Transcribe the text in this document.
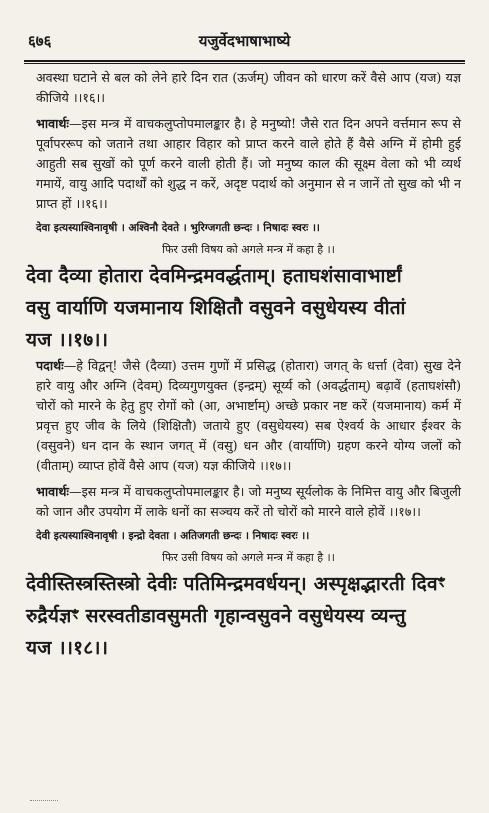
६७६	यजुर्वेदभाषाभाष्ये

अवस्था घटाने से बल को लेने हारे दिन रात (ऊर्जम्) जीवन को धारण करें वैसे आप (यज) यज्ञ कीजिये ।।१६।।

भावार्थः—इस मन्त्र में वाचकलुप्तोपमालङ्कार है। हे मनुष्यो! जैसे रात दिन अपने वर्त्तमान रूप से पूर्वापररूप को जताने तथा आहार विहार को प्राप्त करने वाले होते हैं वैसे अग्नि में होमी हुई आहुती सब सुखों को पूर्ण करने वाली होती हैं। जो मनुष्य काल की सूक्ष्म वेला को भी व्यर्थ गमायें, वायु आदि पदार्थों को शुद्ध न करें, अदृष्ट पदार्थ को अनुमान से न जानें तो सुख को भी न प्राप्त हों ।।१६।।

देवा इत्यस्याश्विनावृषी । अश्विनौ देवते । भुरिग्जगती छन्दः । निषादः स्वरः ।।

फिर उसी विषय को अगले मन्त्र में कहा है ।।

देवा दैव्या होतारा देवमिन्द्रमवर्द्धताम्। हताघशंसावाभार्ष्टां
वसु वार्याणि यजमानाय शिक्षितौ वसुवने वसुधेयस्य वीतां
यज ।।१७।।

पदार्थः—हे विद्वन्! जैसे (दैव्या) उत्तम गुणों में प्रसिद्ध (होतारा) जगत् के धर्त्ता (देवा) सुख देने हारे वायु और अग्नि (देवम्) दिव्यगुणयुक्त (इन्द्रम्) सूर्य्य को (अवर्द्धताम्) बढ़ावें (हताघशंसौ) चोरों को मारने के हेतु हुए रोगों को (आ, अभार्ष्टाम्) अच्छे प्रकार नष्ट करें (यजमानाय) कर्म में प्रवृत्त हुए जीव के लिये (शिक्षितौ) जताये हुए (वसुधेयस्य) सब ऐश्वर्य के आधार ईश्वर के (वसुवने) धन दान के स्थान जगत् में (वसु) धन और (वार्याणि) ग्रहण करने योग्य जलों को (वीताम्) व्याप्त होवें वैसे आप (यज) यज्ञ कीजिये ।।१७।।

भावार्थः—इस मन्त्र में वाचकलुप्तोपमालङ्कार है। जो मनुष्य सूर्यलोक के निमित्त वायु और बिजुली को जान और उपयोग में लाके धनों का सञ्चय करें तो चोरों को मारने वाले होवें ।।१७।।

देवी इत्यस्याश्विनावृषी । इन्द्रो देवता । अतिजगती छन्दः । निषादः स्वरः ।।

फिर उसी विषय को अगले मन्त्र में कहा है ।।

देवीस्तिस्त्रस्तिस्त्रो देवीः पतिमिन्द्रमवर्धयन्। अस्पृक्षद्भारती दिवꣳ
रुद्रैर्यज्ञꣳ सरस्वतीडावसुमती गृहान्वसुवने वसुधेयस्य व्यन्तु
यज ।।१८।।
